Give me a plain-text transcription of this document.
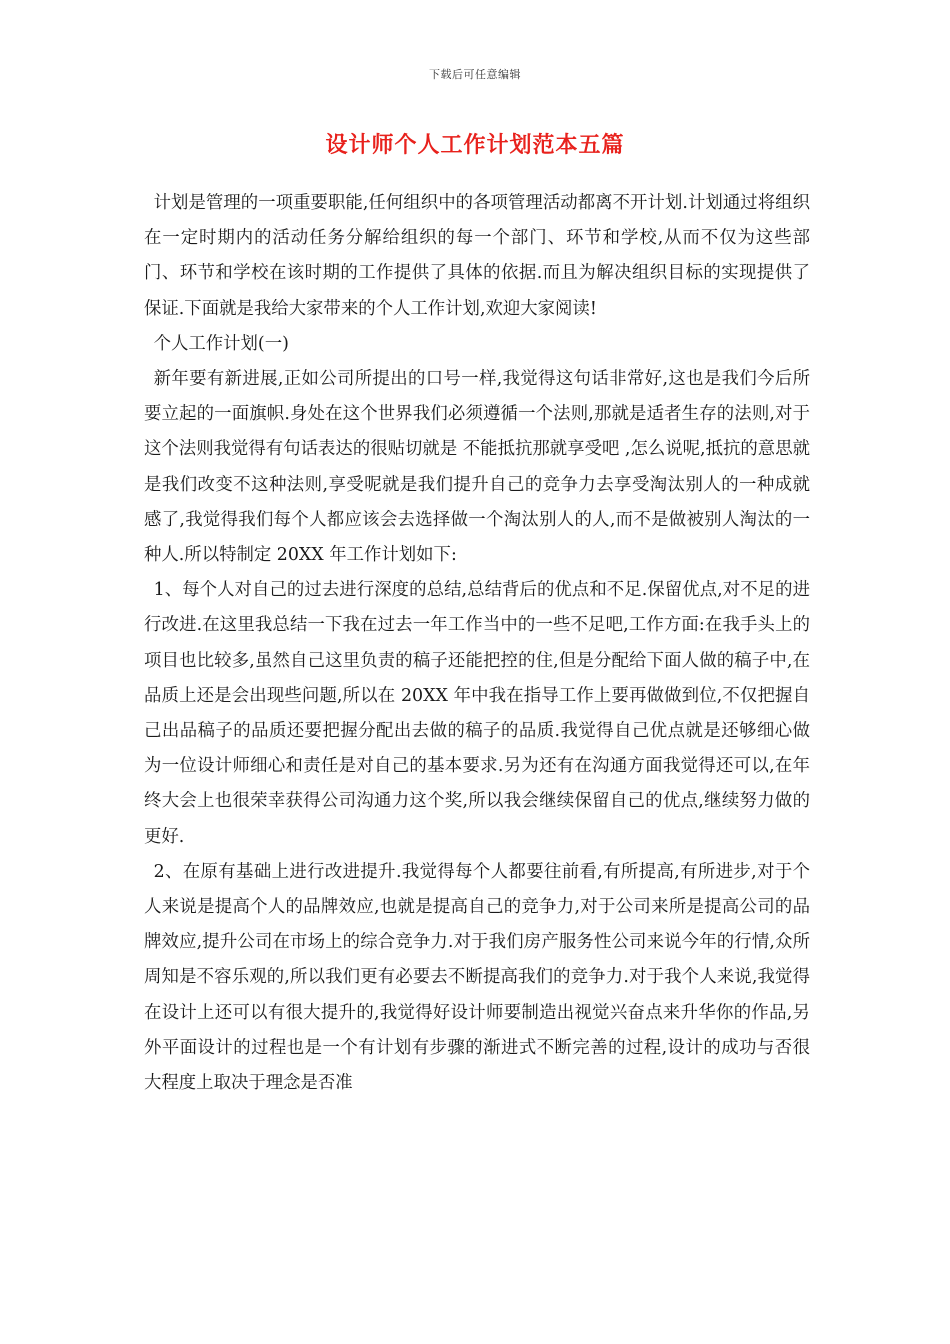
下载后可任意编辑
设计师个人工作计划范本五篇

计划是管理的一项重要职能,任何组织中的各项管理活动都离不开计划.计划通过将组织在一定时期内的活动任务分解给组织的每一个部门、环节和学校,从而不仅为这些部门、环节和学校在该时期的工作提供了具体的依据.而且为解决组织目标的实现提供了保证.下面就是我给大家带来的个人工作计划,欢迎大家阅读!

个人工作计划(一)

新年要有新进展,正如公司所提出的口号一样,我觉得这句话非常好,这也是我们今后所要立起的一面旗帜.身处在这个世界我们必须遵循一个法则,那就是适者生存的法则,对于这个法则我觉得有句话表达的很贴切就是 不能抵抗那就享受吧 ,怎么说呢,抵抗的意思就是我们改变不这种法则,享受呢就是我们提升自己的竞争力去享受淘汰别人的一种成就感了,我觉得我们每个人都应该会去选择做一个淘汰别人的人,而不是做被别人淘汰的一种人.所以特制定 20XX 年工作计划如下:

1、每个人对自己的过去进行深度的总结,总结背后的优点和不足.保留优点,对不足的进行改进.在这里我总结一下我在过去一年工作当中的一些不足吧,工作方面:在我手头上的项目也比较多,虽然自己这里负责的稿子还能把控的住,但是分配给下面人做的稿子中,在品质上还是会出现些问题,所以在 20XX 年中我在指导工作上要再做做到位,不仅把握自己出品稿子的品质还要把握分配出去做的稿子的品质.我觉得自己优点就是还够细心做为一位设计师细心和责任是对自己的基本要求.另为还有在沟通方面我觉得还可以,在年终大会上也很荣幸获得公司沟通力这个奖,所以我会继续保留自己的优点,继续努力做的更好.

2、在原有基础上进行改进提升.我觉得每个人都要往前看,有所提高,有所进步,对于个人来说是提高个人的品牌效应,也就是提高自己的竞争力,对于公司来所是提高公司的品牌效应,提升公司在市场上的综合竞争力.对于我们房产服务性公司来说今年的行情,众所周知是不容乐观的,所以我们更有必要去不断提高我们的竞争力.对于我个人来说,我觉得在设计上还可以有很大提升的,我觉得好设计师要制造出视觉兴奋点来升华你的作品,另外平面设计的过程也是一个有计划有步骤的渐进式不断完善的过程,设计的成功与否很大程度上取决于理念是否准
